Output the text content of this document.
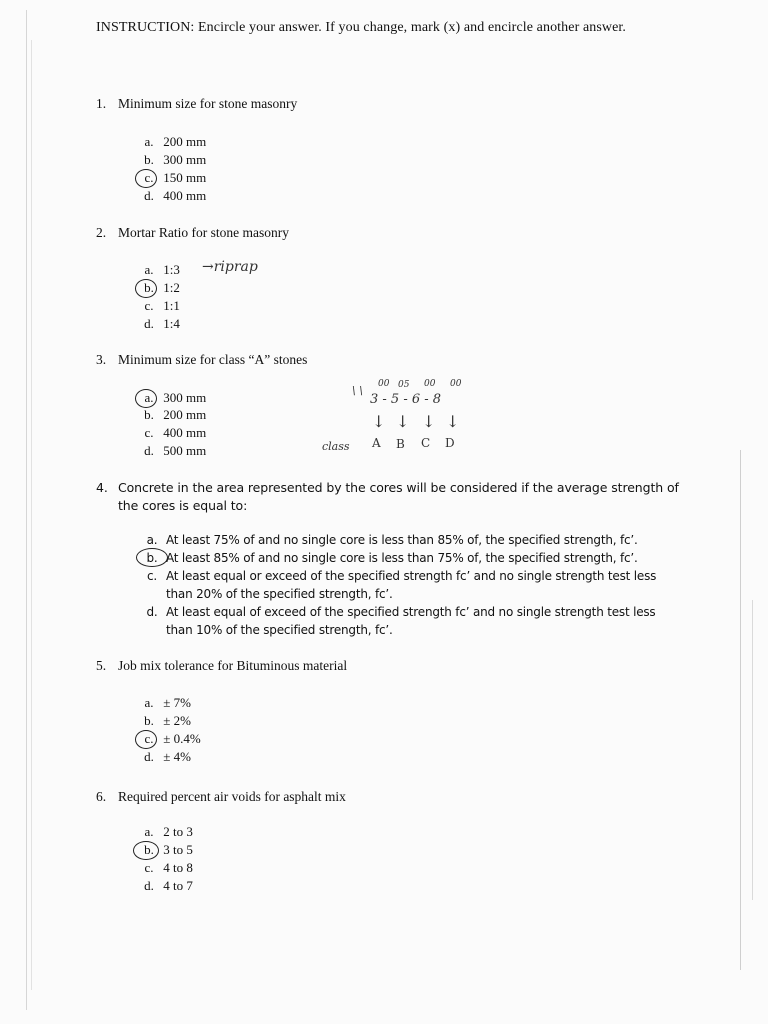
INSTRUCTION: Encircle your answer. If you change, mark (x) and encircle another answer.
1. Minimum size for stone masonry
a. 200 mm
b. 300 mm
c. 150 mm
d. 400 mm
2. Mortar Ratio for stone masonry
a. 1:3
b. 1:2
c. 1:1
d. 1:4
→riprap
3. Minimum size for class “A” stones
a. 300 mm
b. 200 mm
c. 400 mm
d. 500 mm
\ \
3 - 5 - 6 - 8
00 05 00 00
↓ ↓ ↓ ↓
class A B C D
4. Concrete in the area represented by the cores will be considered if the average strength of
the cores is equal to:
a. At least 75% of and no single core is less than 85% of, the specified strength, fc’.
b. At least 85% of and no single core is less than 75% of, the specified strength, fc’.
c. At least equal or exceed of the specified strength fc’ and no single strength test less
than 20% of the specified strength, fc’.
d. At least equal of exceed of the specified strength fc’ and no single strength test less
than 10% of the specified strength, fc’.
5. Job mix tolerance for Bituminous material
a. ± 7%
b. ± 2%
c. ± 0.4%
d. ± 4%
6. Required percent air voids for asphalt mix
a. 2 to 3
b. 3 to 5
c. 4 to 8
d. 4 to 7
